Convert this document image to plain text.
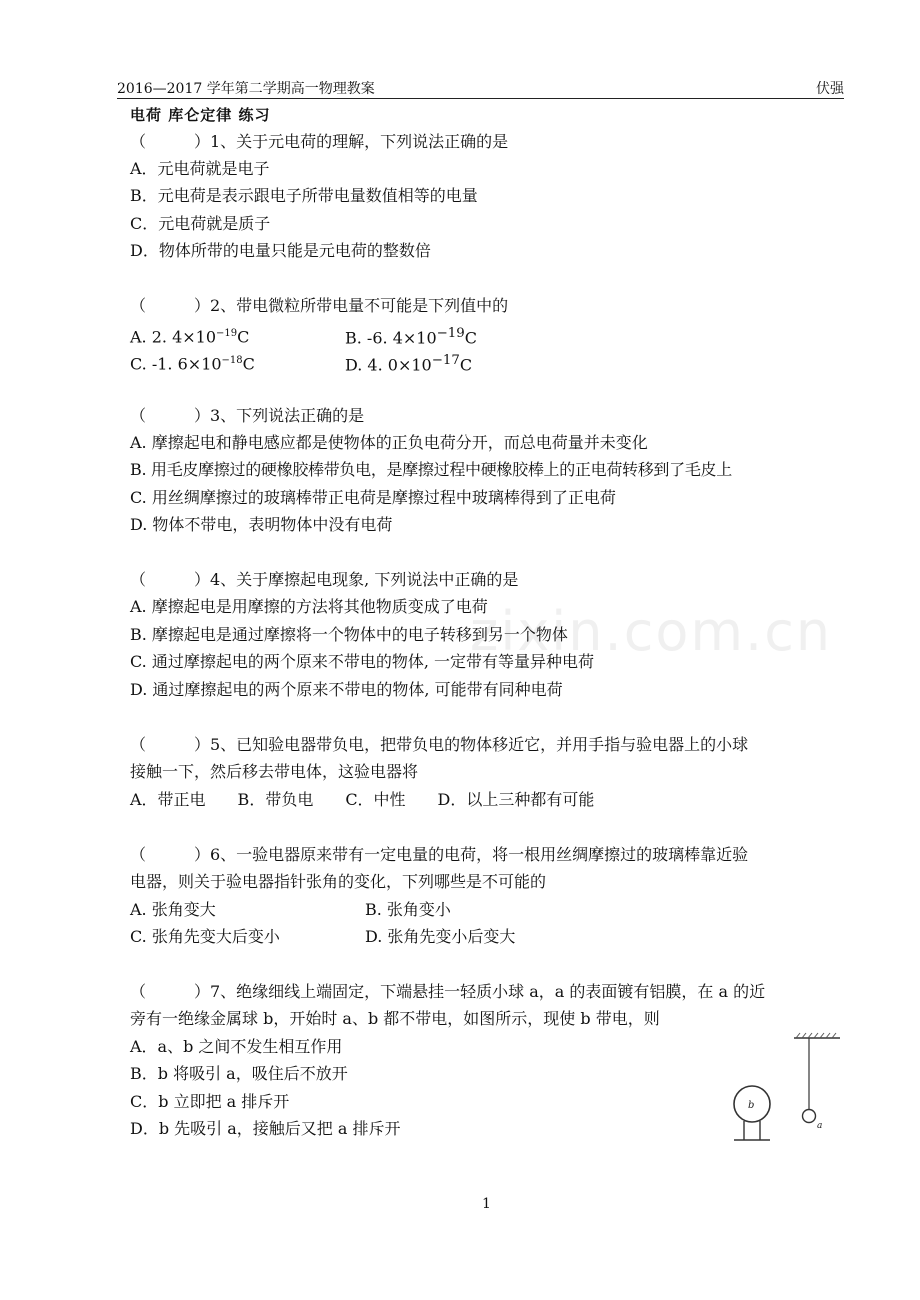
2016—2017 学年第二学期高一物理教案	伏强
zixin.com.cn
电荷 库仑定律 练习
（　　　）1、关于元电荷的理解，下列说法正确的是
A．元电荷就是电子
B．元电荷是表示跟电子所带电量数值相等的电量
C．元电荷就是质子
D．物体所带的电量只能是元电荷的整数倍
（　　　）2、带电微粒所带电量不可能是下列值中的
A. 2. $4\times 10^{-19}C$	B. -6. $4\times 10^{-19}C$
C. -1. $6\times 10^{-18}C$	D. 4. $0\times 10^{-17}C$
（　　　）3、下列说法正确的是
A. 摩擦起电和静电感应都是使物体的正负电荷分开，而总电荷量并未变化
B. 用毛皮摩擦过的硬橡胶棒带负电，是摩擦过程中硬橡胶棒上的正电荷转移到了毛皮上
C. 用丝绸摩擦过的玻璃棒带正电荷是摩擦过程中玻璃棒得到了正电荷
D. 物体不带电，表明物体中没有电荷
（　　　）4、关于摩擦起电现象, 下列说法中正确的是
A. 摩擦起电是用摩擦的方法将其他物质变成了电荷
B. 摩擦起电是通过摩擦将一个物体中的电子转移到另一个物体
C. 通过摩擦起电的两个原来不带电的物体, 一定带有等量异种电荷
D. 通过摩擦起电的两个原来不带电的物体, 可能带有同种电荷
（　　　）5、已知验电器带负电，把带负电的物体移近它，并用手指与验电器上的小球
接触一下，然后移去带电体，这验电器将
A．带正电　　B．带负电　　C．中性　　D．以上三种都有可能
（　　　）6、一验电器原来带有一定电量的电荷，将一根用丝绸摩擦过的玻璃棒靠近验
电器，则关于验电器指针张角的变化，下列哪些是不可能的
A. 张角变大	B. 张角变小
C. 张角先变大后变小	D. 张角先变小后变大
（　　　）7、绝缘细线上端固定，下端悬挂一轻质小球 a，a 的表面镀有铝膜，在 a 的近
旁有一绝缘金属球 b，开始时 a、b 都不带电，如图所示，现使 b 带电，则
A．a、b 之间不发生相互作用
B．b 将吸引 a，吸住后不放开
C．b 立即把 a 排斥开
D．b 先吸引 a，接触后又把 a 排斥开	a
b
1
